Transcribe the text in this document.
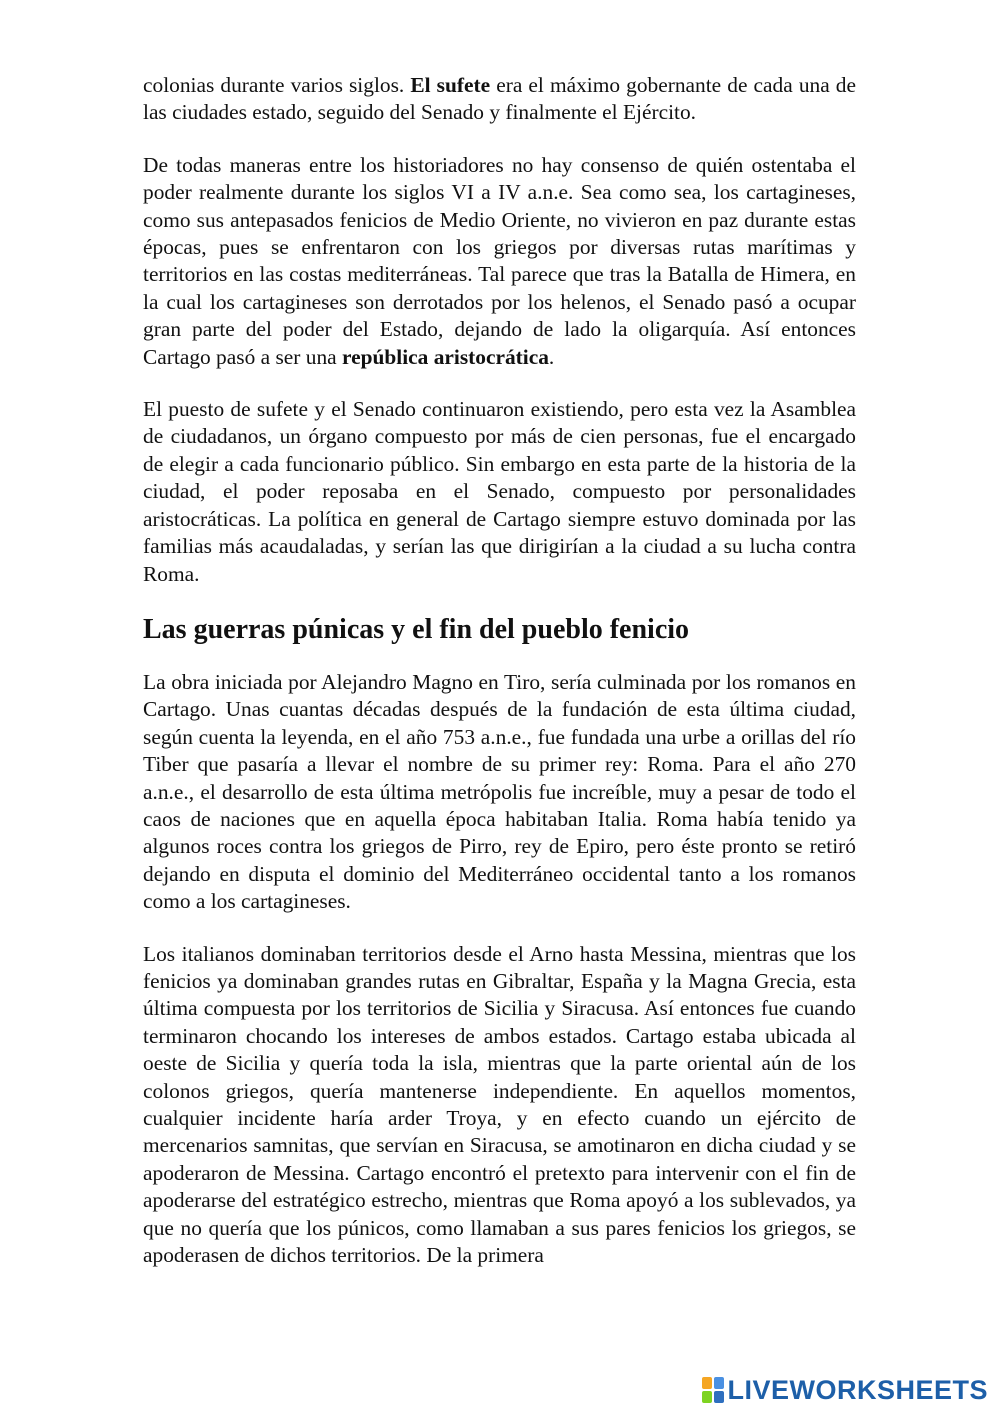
colonias durante varios siglos. El sufete era el máximo gobernante de cada una de las ciudades estado, seguido del Senado y finalmente el Ejército.

De todas maneras entre los historiadores no hay consenso de quién ostentaba el poder realmente durante los siglos VI a IV a.n.e. Sea como sea, los cartagineses, como sus antepasados fenicios de Medio Oriente, no vivieron en paz durante estas épocas, pues se enfrentaron con los griegos por diversas rutas marítimas y territorios en las costas mediterráneas. Tal parece que tras la Batalla de Himera, en la cual los cartagineses son derrotados por los helenos, el Senado pasó a ocupar gran parte del poder del Estado, dejando de lado la oligarquía. Así entonces Cartago pasó a ser una república aristocrática.

El puesto de sufete y el Senado continuaron existiendo, pero esta vez la Asamblea de ciudadanos, un órgano compuesto por más de cien personas, fue el encargado de elegir a cada funcionario público. Sin embargo en esta parte de la historia de la ciudad, el poder reposaba en el Senado, compuesto por personalidades aristocráticas. La política en general de Cartago siempre estuvo dominada por las familias más acaudaladas, y serían las que dirigirían a la ciudad a su lucha contra Roma.

Las guerras púnicas y el fin del pueblo fenicio

La obra iniciada por Alejandro Magno en Tiro, sería culminada por los romanos en Cartago. Unas cuantas décadas después de la fundación de esta última ciudad, según cuenta la leyenda, en el año 753 a.n.e., fue fundada una urbe a orillas del río Tiber que pasaría a llevar el nombre de su primer rey: Roma. Para el año 270 a.n.e., el desarrollo de esta última metrópolis fue increíble, muy a pesar de todo el caos de naciones que en aquella época habitaban Italia. Roma había tenido ya algunos roces contra los griegos de Pirro, rey de Epiro, pero éste pronto se retiró dejando en disputa el dominio del Mediterráneo occidental tanto a los romanos como a los cartagineses.

Los italianos dominaban territorios desde el Arno hasta Messina, mientras que los fenicios ya dominaban grandes rutas en Gibraltar, España y la Magna Grecia, esta última compuesta por los territorios de Sicilia y Siracusa. Así entonces fue cuando terminaron chocando los intereses de ambos estados. Cartago estaba ubicada al oeste de Sicilia y quería toda la isla, mientras que la parte oriental aún de los colonos griegos, quería mantenerse independiente. En aquellos momentos, cualquier incidente haría arder Troya, y en efecto cuando un ejército de mercenarios samnitas, que servían en Siracusa, se amotinaron en dicha ciudad y se apoderaron de Messina. Cartago encontró el pretexto para intervenir con el fin de apoderarse del estratégico estrecho, mientras que Roma apoyó a los sublevados, ya que no quería que los púnicos, como llamaban a sus pares fenicios los griegos, se apoderasen de dichos territorios. De la primera

LIVEWORKSHEETS
